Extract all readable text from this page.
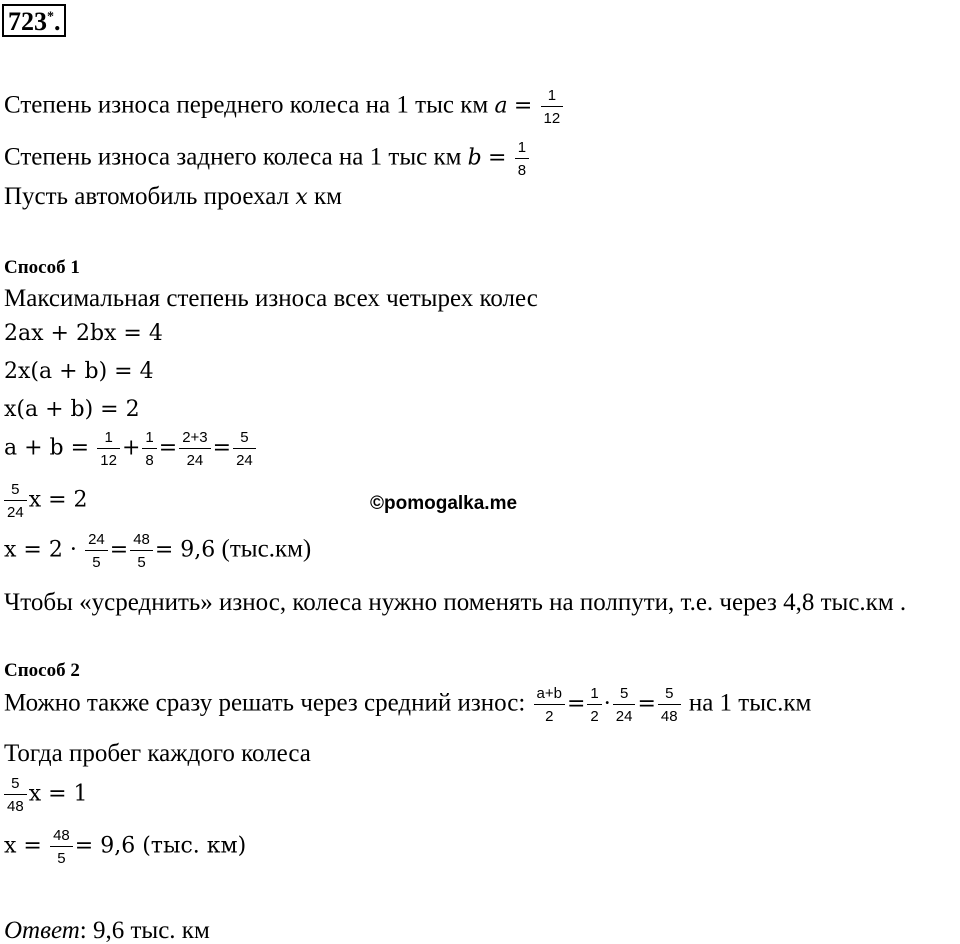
723*.
©pomogalka.me
Степень износа переднего колеса на 1 тыс км $a = \frac{1}{12}$
Степень износа заднего колеса на 1 тыс км $b = \frac{1}{8}$
Пусть автомобиль проехал x км
Способ 1
Максимальная степень износа всех четырех колес
2ax + 2bx = 4
2x(a + b) = 4
x(a + b) = 2
$a + b = \frac{1}{12} + \frac{1}{8} = \frac{2+3}{24} = \frac{5}{24}$
$\frac{5}{24}$ x = 2
$x = 2 \cdot \frac{24}{5} = \frac{48}{5} = 9,6$ (тыс.км)
Чтобы «усреднить» износ, колеса нужно поменять на полпути, т.е. через 4,8 тыс.км .
Способ 2
Можно также сразу решать через средний износ: $\frac{a+b}{2} = \frac{1}{2} \cdot \frac{5}{24} = \frac{5}{48}$ на 1 тыс.км
Тогда пробег каждого колеса
$\frac{5}{48}$ x = 1
$x = \frac{48}{5} = 9,6$ (тыс. км)
Ответ: 9,6 тыс. км
